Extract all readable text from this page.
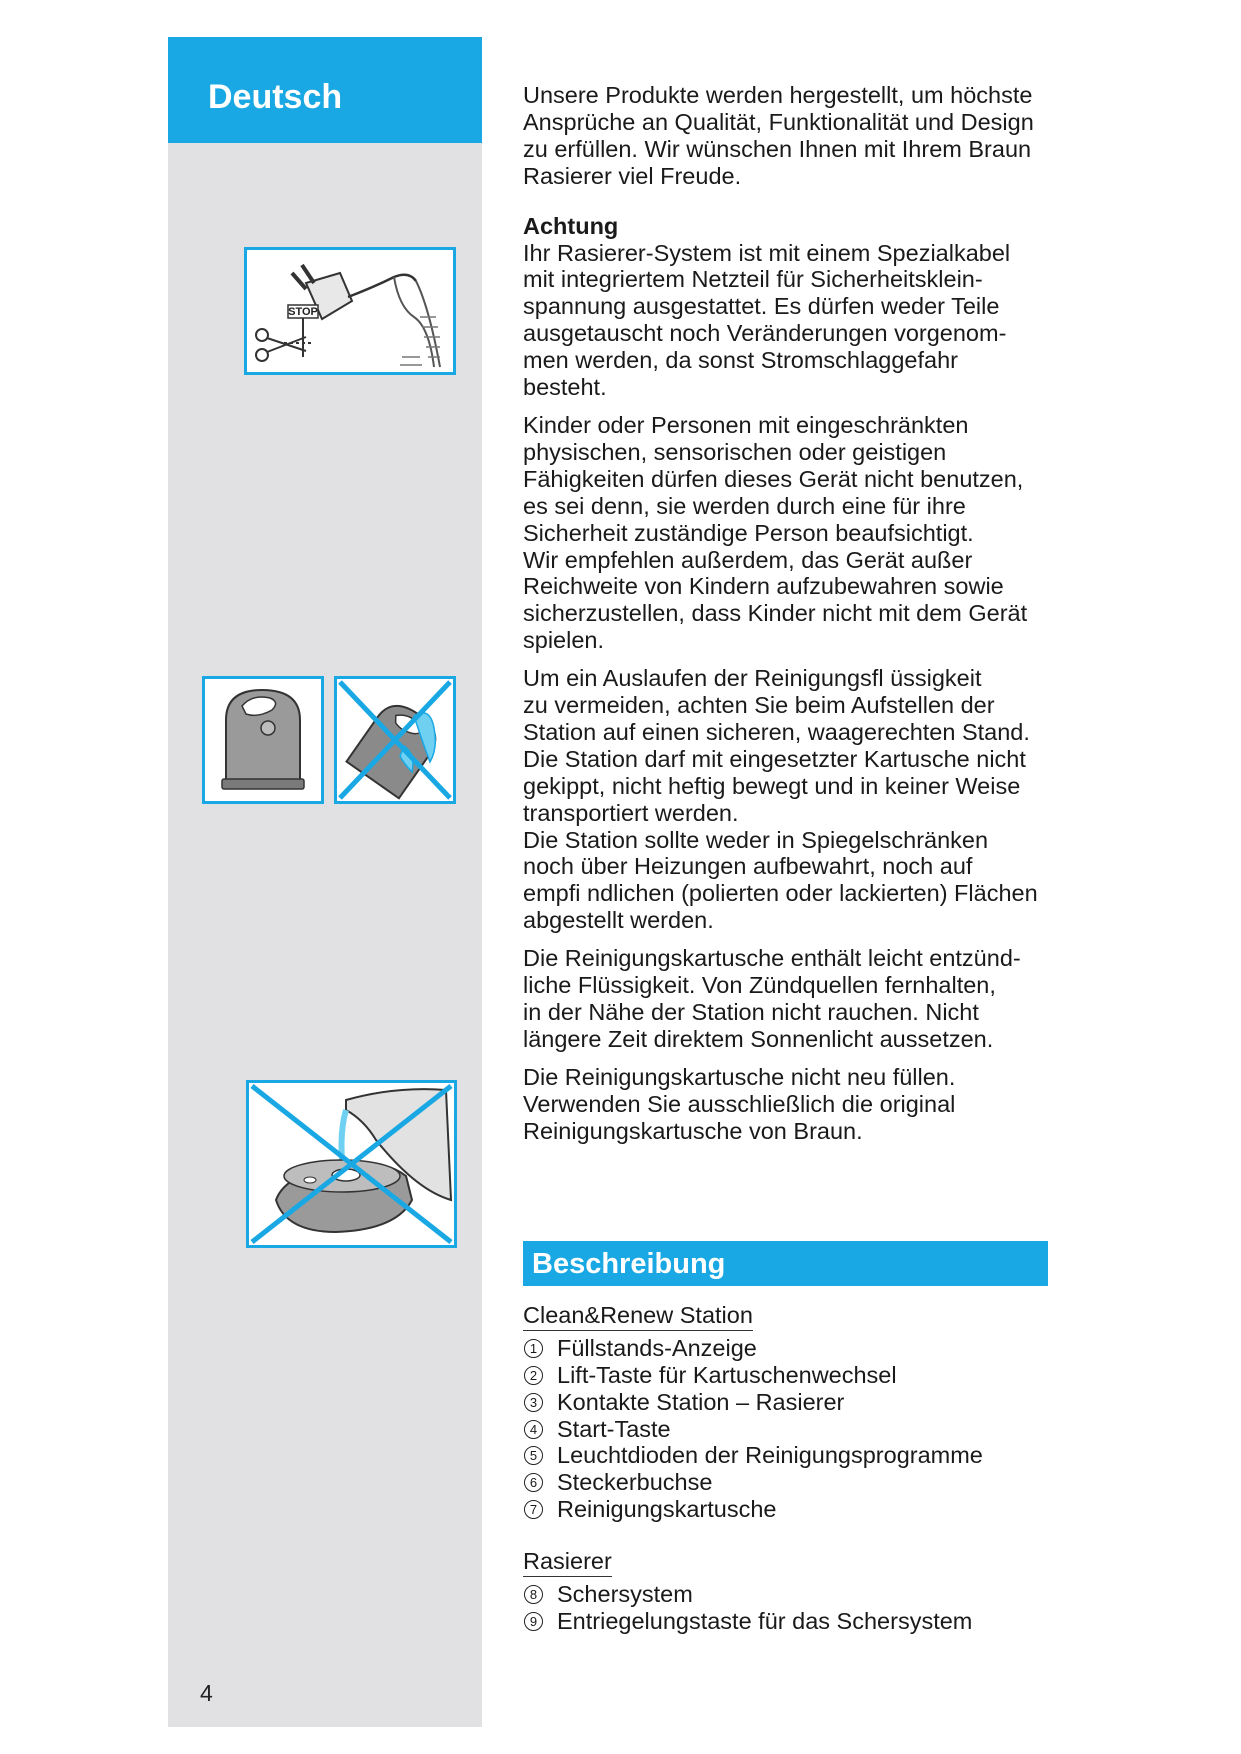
Deutsch
STOP
4

Unsere Produkte werden hergestellt, um höchste
Ansprüche an Qualität, Funktionalität und Design
zu erfüllen. Wir wünschen Ihnen mit Ihrem Braun
Rasierer viel Freude.

Achtung

Ihr Rasierer-System ist mit einem Spezialkabel
mit integriertem Netzteil für Sicherheitsklein-
spannung ausgestattet. Es dürfen weder Teile
ausgetauscht noch Veränderungen vorgenom-
men werden, da sonst Stromschlaggefahr
besteht.

Kinder oder Personen mit eingeschränkten
physischen, sensorischen oder geistigen
Fähigkeiten dürfen dieses Gerät nicht benutzen,
es sei denn, sie werden durch eine für ihre
Sicherheit zuständige Person beaufsichtigt.
Wir empfehlen außerdem, das Gerät außer
Reichweite von Kindern aufzubewahren sowie
sicherzustellen, dass Kinder nicht mit dem Gerät
spielen.

Um ein Auslaufen der Reinigungsfl üssigkeit
zu vermeiden, achten Sie beim Aufstellen der
Station auf einen sicheren, waagerechten Stand.
Die Station darf mit eingesetzter Kartusche nicht
gekippt, nicht heftig bewegt und in keiner Weise
transportiert werden.
Die Station sollte weder in Spiegelschränken
noch über Heizungen aufbewahrt, noch auf
empfi ndlichen (polierten oder lackierten) Flächen
abgestellt werden.

Die Reinigungskartusche enthält leicht entzünd-
liche Flüssigkeit. Von Zündquellen fernhalten,
in der Nähe der Station nicht rauchen. Nicht
längere Zeit direktem Sonnenlicht aussetzen.

Die Reinigungskartusche nicht neu füllen.
Verwenden Sie ausschließlich die original
Reinigungskartusche von Braun.

Beschreibung
Clean&Renew Station
1 Füllstands-Anzeige
2 Lift-Taste für Kartuschenwechsel
3 Kontakte Station – Rasierer
4 Start-Taste
5 Leuchtdioden der Reinigungsprogramme
6 Steckerbuchse
7 Reinigungskartusche
Rasierer
8 Schersystem
9 Entriegelungstaste für das Schersystem
